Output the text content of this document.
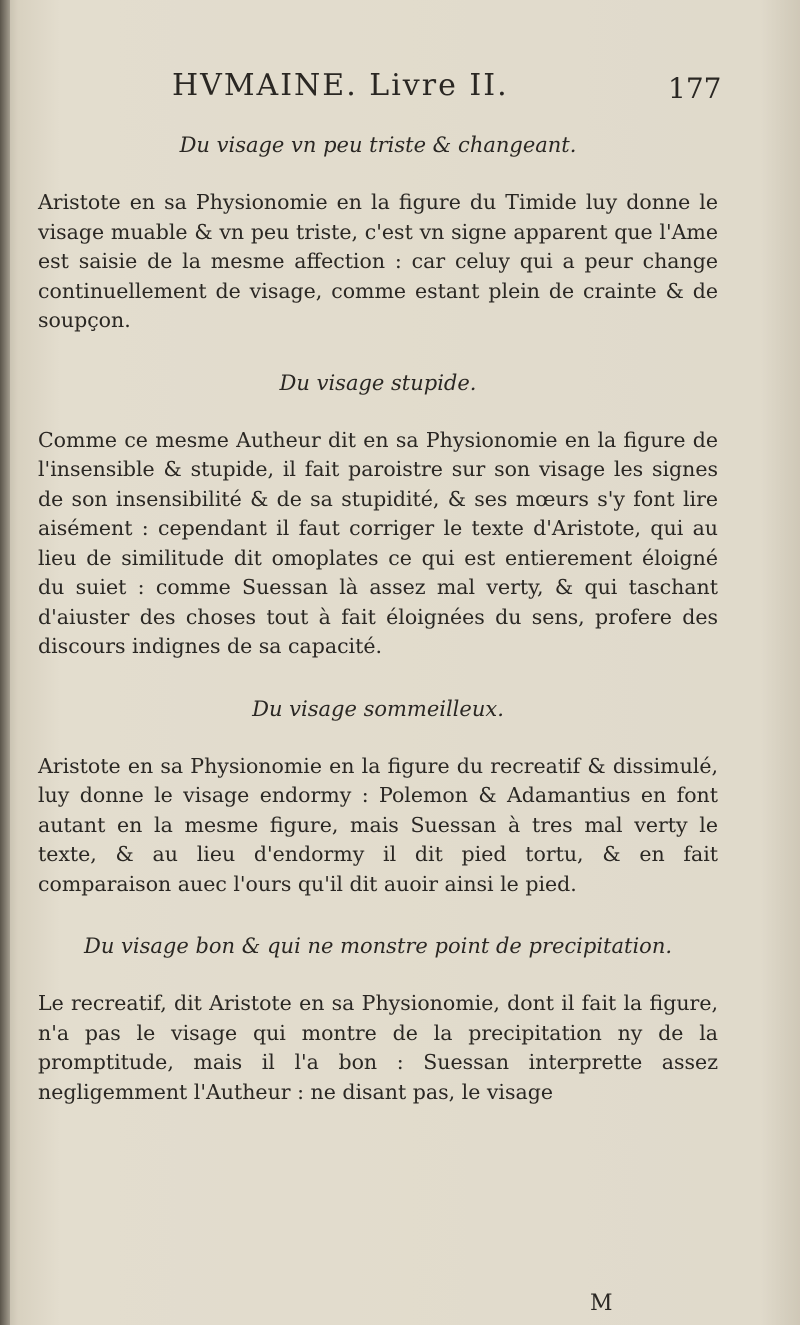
HVMAINE. Livre II.	177
Du visage vn peu triste & changeant.
Aristote en sa Physionomie en la figure du Timide luy donne le visage muable & vn peu triste, c'est vn signe apparent que l'Ame est saisie de la mesme affection : car celuy qui a peur change continuellement de visage, comme estant plein de crainte & de soupçon.
Du visage stupide.
Comme ce mesme Autheur dit en sa Physionomie en la figure de l'insensible & stupide, il fait paroistre sur son visage les signes de son insensibilité & de sa stupidité, & ses mœurs s'y font lire aisément : cependant il faut corriger le texte d'Aristote, qui au lieu de similitude dit omoplates ce qui est entierement éloigné du suiet : comme Suessan là assez mal verty, & qui taschant d'aiuster des choses tout à fait éloignées du sens, profere des discours indignes de sa capacité.
Du visage sommeilleux.
Aristote en sa Physionomie en la figure du recreatif & dissimulé, luy donne le visage endormy : Polemon & Adamantius en font autant en la mesme figure, mais Suessan à tres mal verty le texte, & au lieu d'endormy il dit pied tortu, & en fait comparaison auec l'ours qu'il dit auoir ainsi le pied.
Du visage bon & qui ne monstre point de precipitation.
Le recreatif, dit Aristote en sa Physionomie, dont il fait la figure, n'a pas le visage qui montre de la precipitation ny de la promptitude, mais il l'a bon : Suessan interprette assez negligemment l'Autheur : ne disant pas, le visage
M
